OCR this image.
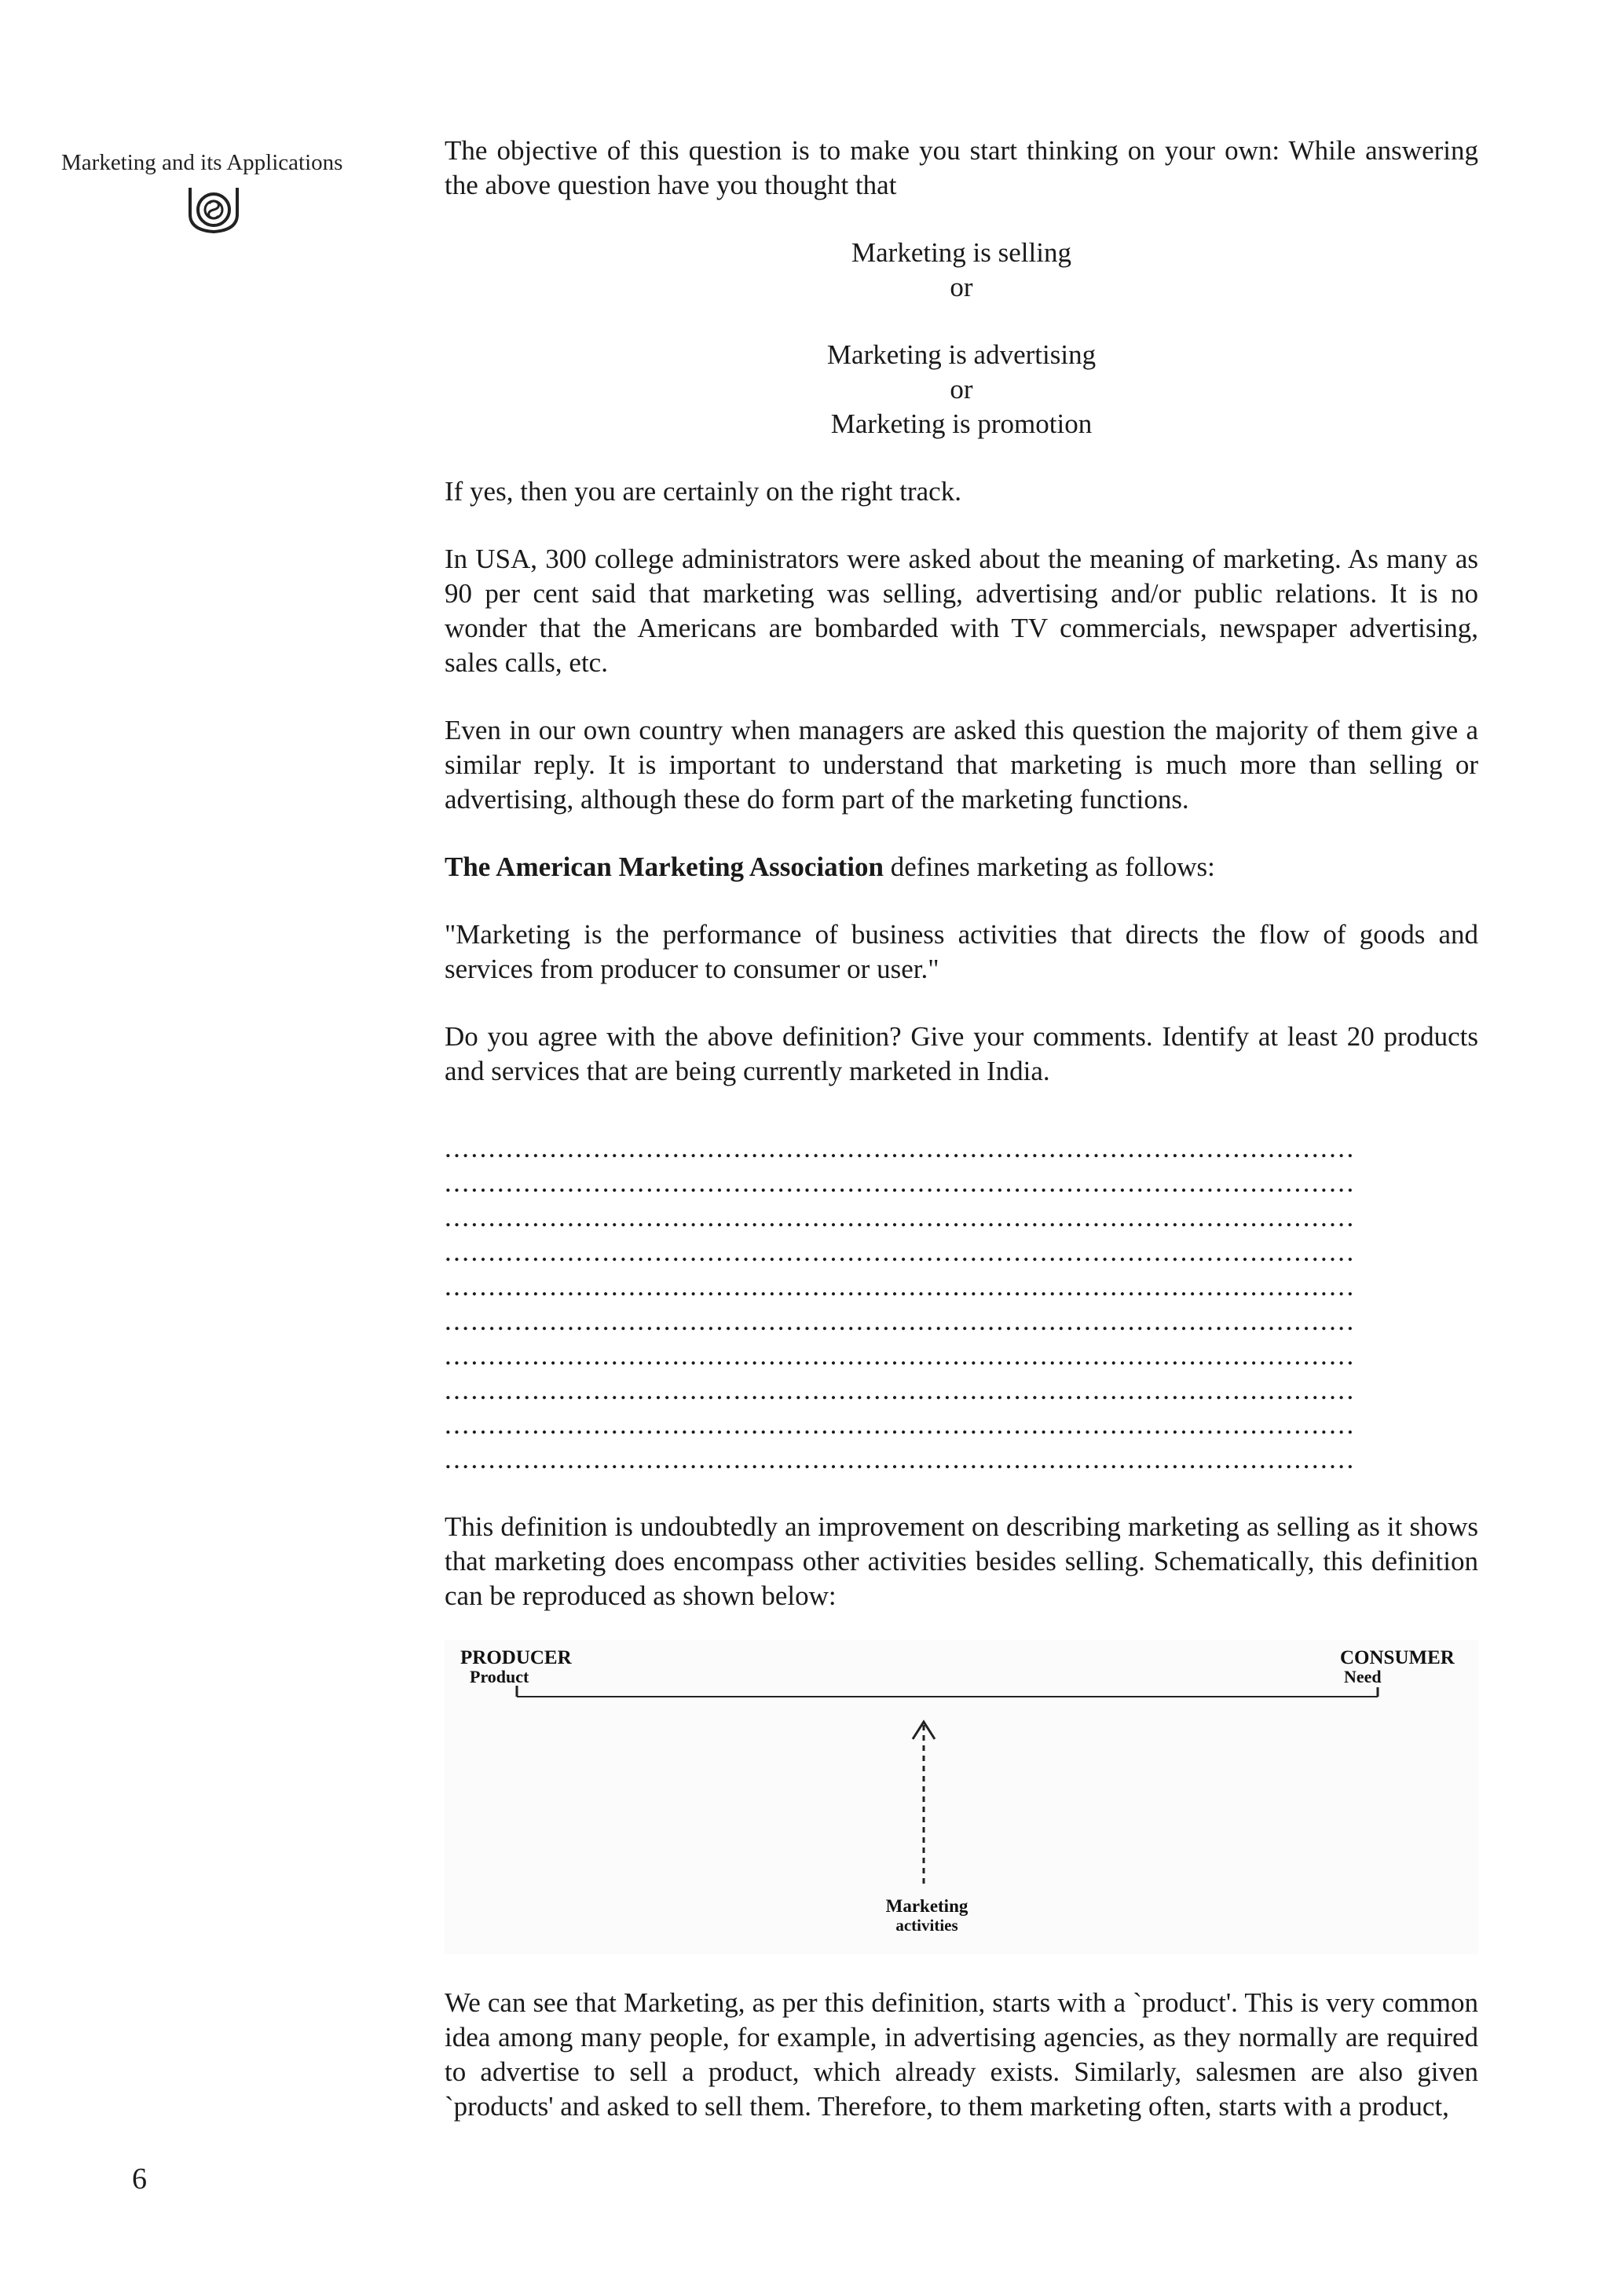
Marketing and its Applications	The objective of this question is to make you start thinking on your own: While answering the above question have you thought that

Marketing is selling
or
Marketing is advertising
or
Marketing is promotion

If yes, then you are certainly on the right track.

In USA, 300 college administrators were asked about the meaning of marketing. As many as 90 per cent said that marketing was selling, advertising and/or public relations. It is no wonder that the Americans are bombarded with TV commercials, newspaper advertising, sales calls, etc.

Even in our own country when managers are asked this question the majority of them give a similar reply. It is important to understand that marketing is much more than selling or advertising, although these do form part of the marketing functions.

The American Marketing Association defines marketing as follows:

"Marketing is the performance of business activities that directs the flow of goods and services from producer to consumer or user."

Do you agree with the above definition? Give your comments. Identify at least 20 products and services that are being currently marketed in India.

........................................................................................................
........................................................................................................
........................................................................................................
........................................................................................................
........................................................................................................
........................................................................................................
........................................................................................................
........................................................................................................
........................................................................................................
........................................................................................................

This definition is undoubtedly an improvement on describing marketing as selling as it shows that marketing does encompass other activities besides selling. Schematically, this definition can be reproduced as shown below:

PRODUCER
Product
CONSUMER
Need
Marketing
activities

We can see that Marketing, as per this definition, starts with a `product'. This is very common idea among many people, for example, in advertising agencies, as they normally are required to advertise to sell a product, which already exists. Similarly, salesmen are also given `products' and asked to sell them. Therefore, to them marketing often, starts with a product,

6
